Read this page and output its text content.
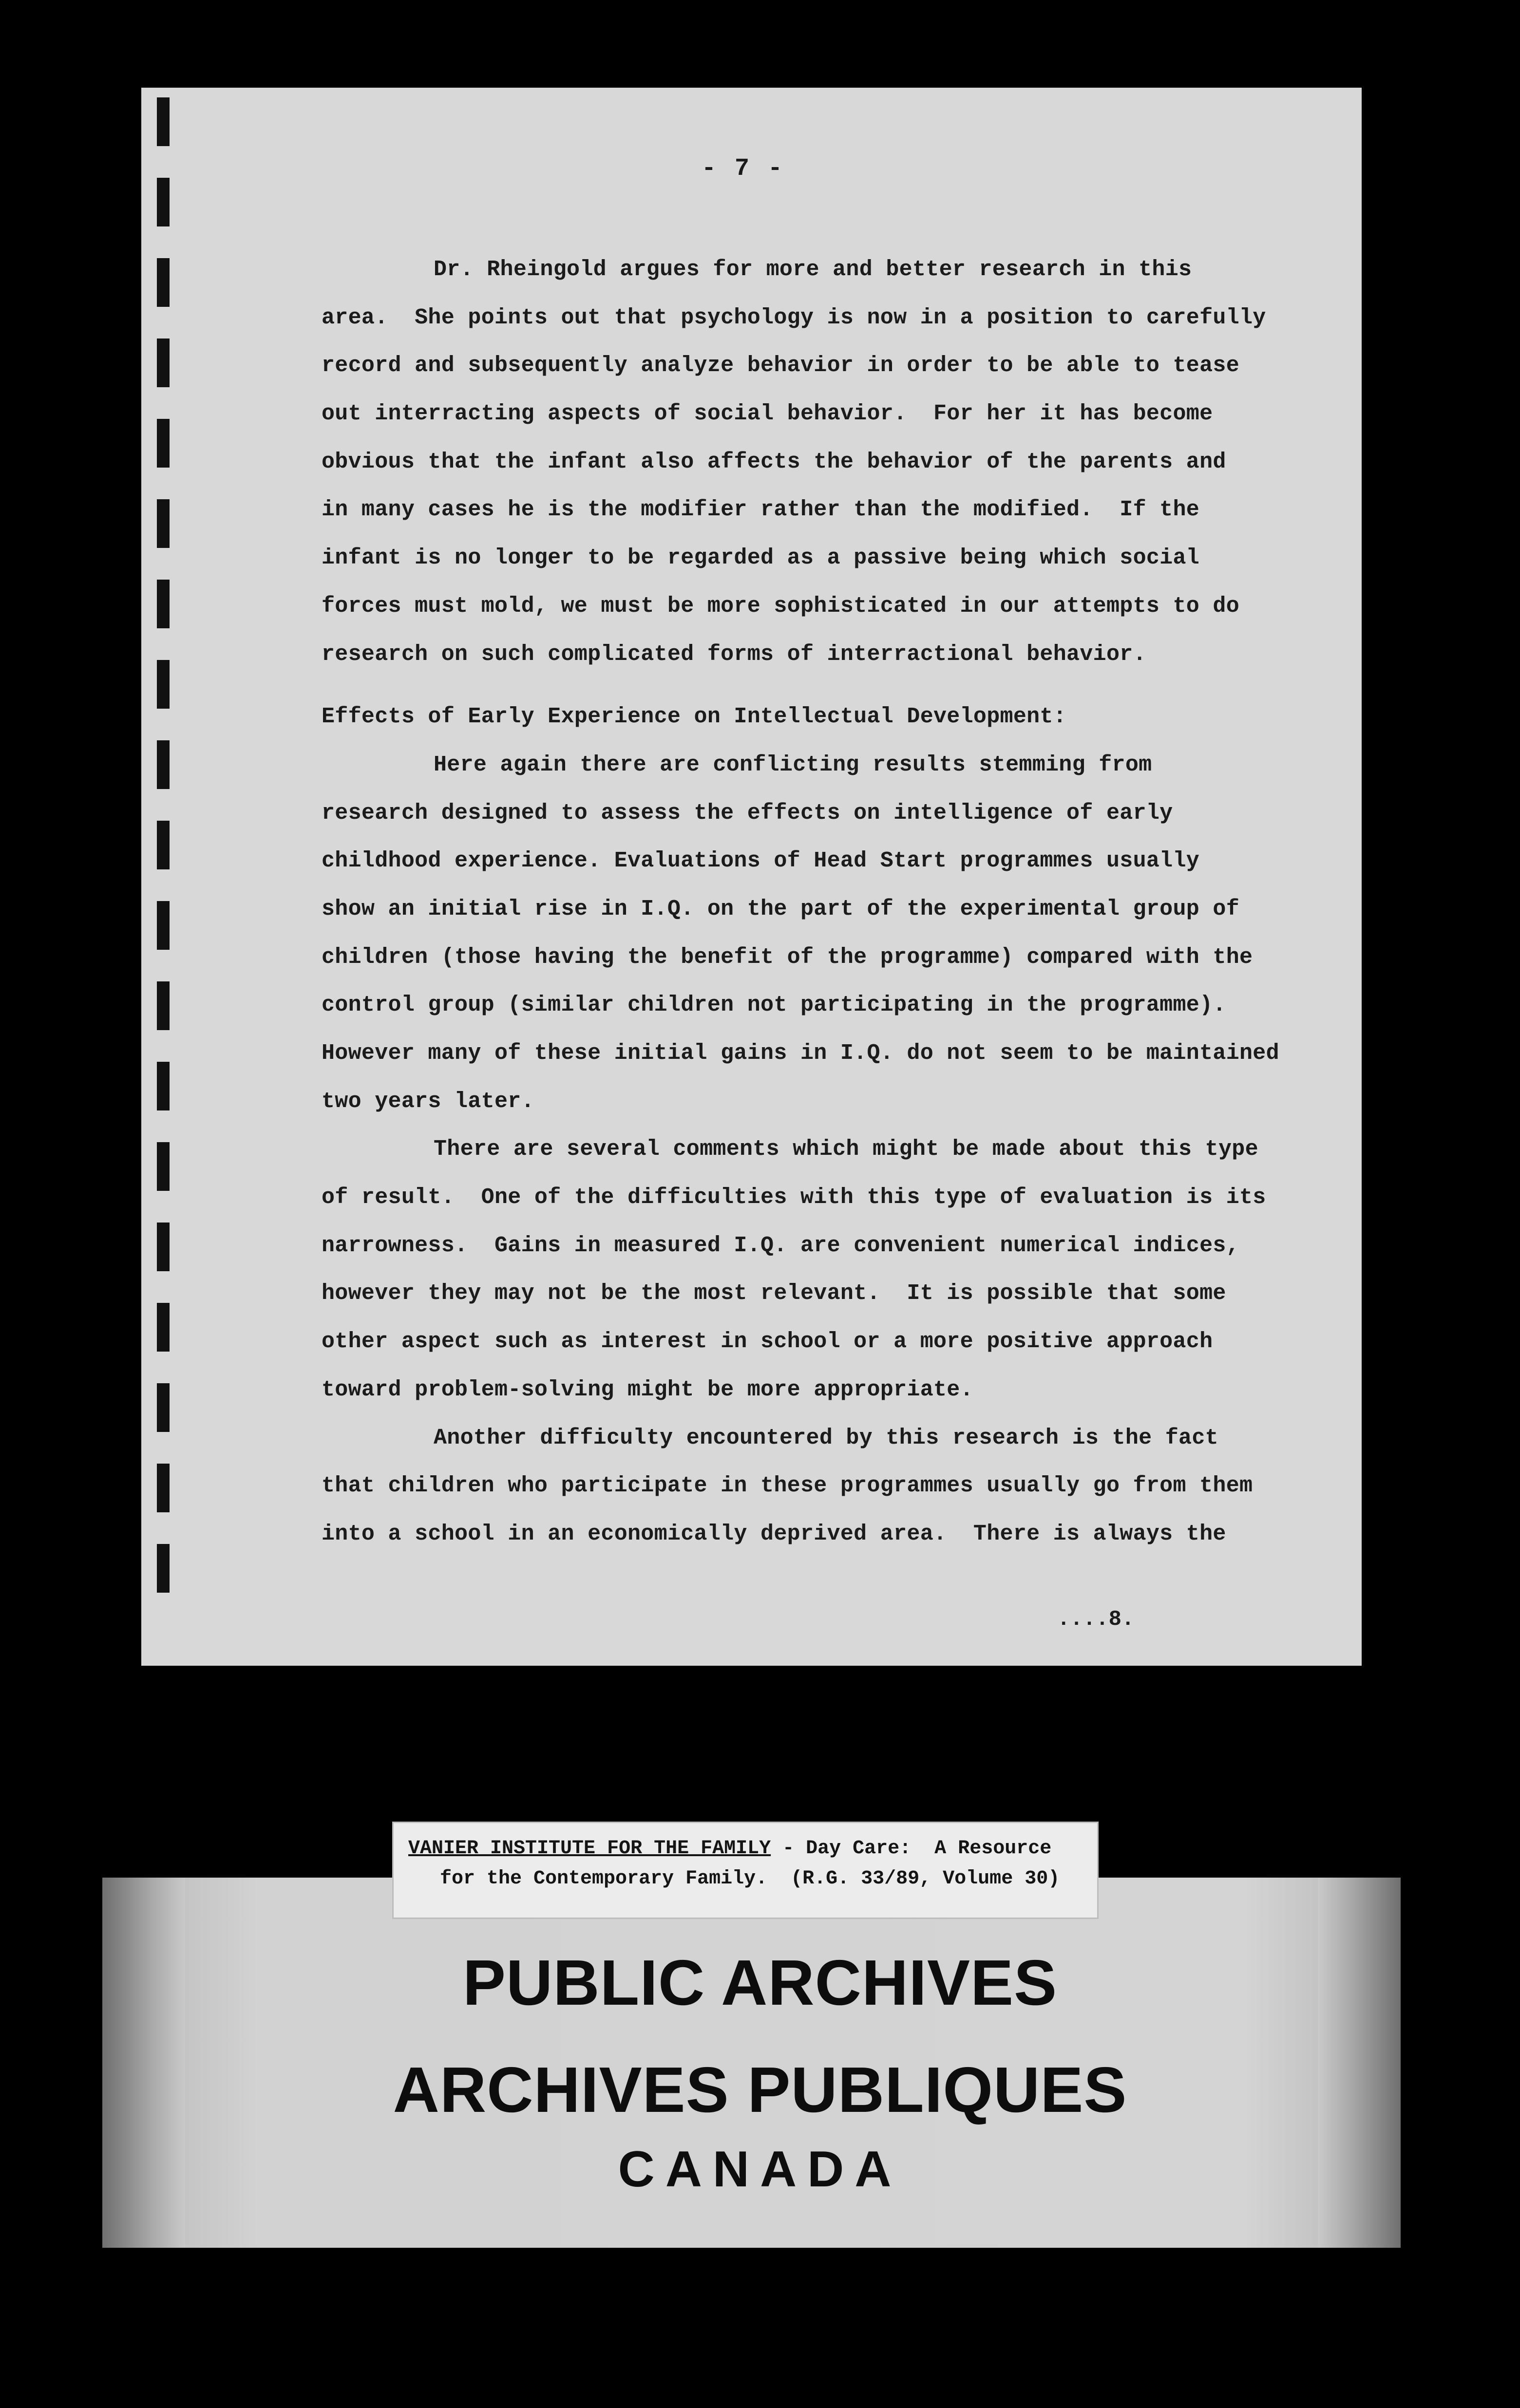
- 7 -
Dr. Rheingold argues for more and better research in this
area.  She points out that psychology is now in a position to carefully
record and subsequently analyze behavior in order to be able to tease
out interracting aspects of social behavior.  For her it has become
obvious that the infant also affects the behavior of the parents and
in many cases he is the modifier rather than the modified.  If the
infant is no longer to be regarded as a passive being which social
forces must mold, we must be more sophisticated in our attempts to do
research on such complicated forms of interractional behavior.
Effects of Early Experience on Intellectual Development:
Here again there are conflicting results stemming from
research designed to assess the effects on intelligence of early
childhood experience. Evaluations of Head Start programmes usually
show an initial rise in I.Q. on the part of the experimental group of
children (those having the benefit of the programme) compared with the
control group (similar children not participating in the programme).
However many of these initial gains in I.Q. do not seem to be maintained
two years later.
There are several comments which might be made about this type
of result.  One of the difficulties with this type of evaluation is its
narrowness.  Gains in measured I.Q. are convenient numerical indices,
however they may not be the most relevant.  It is possible that some
other aspect such as interest in school or a more positive approach
toward problem-solving might be more appropriate.
Another difficulty encountered by this research is the fact
that children who participate in these programmes usually go from them
into a school in an economically deprived area.  There is always the
....8.
VANIER INSTITUTE FOR THE FAMILY - Day Care:  A Resource
for the Contemporary Family.  (R.G. 33/89, Volume 30)
PUBLIC ARCHIVES
ARCHIVES PUBLIQUES
CANADA
